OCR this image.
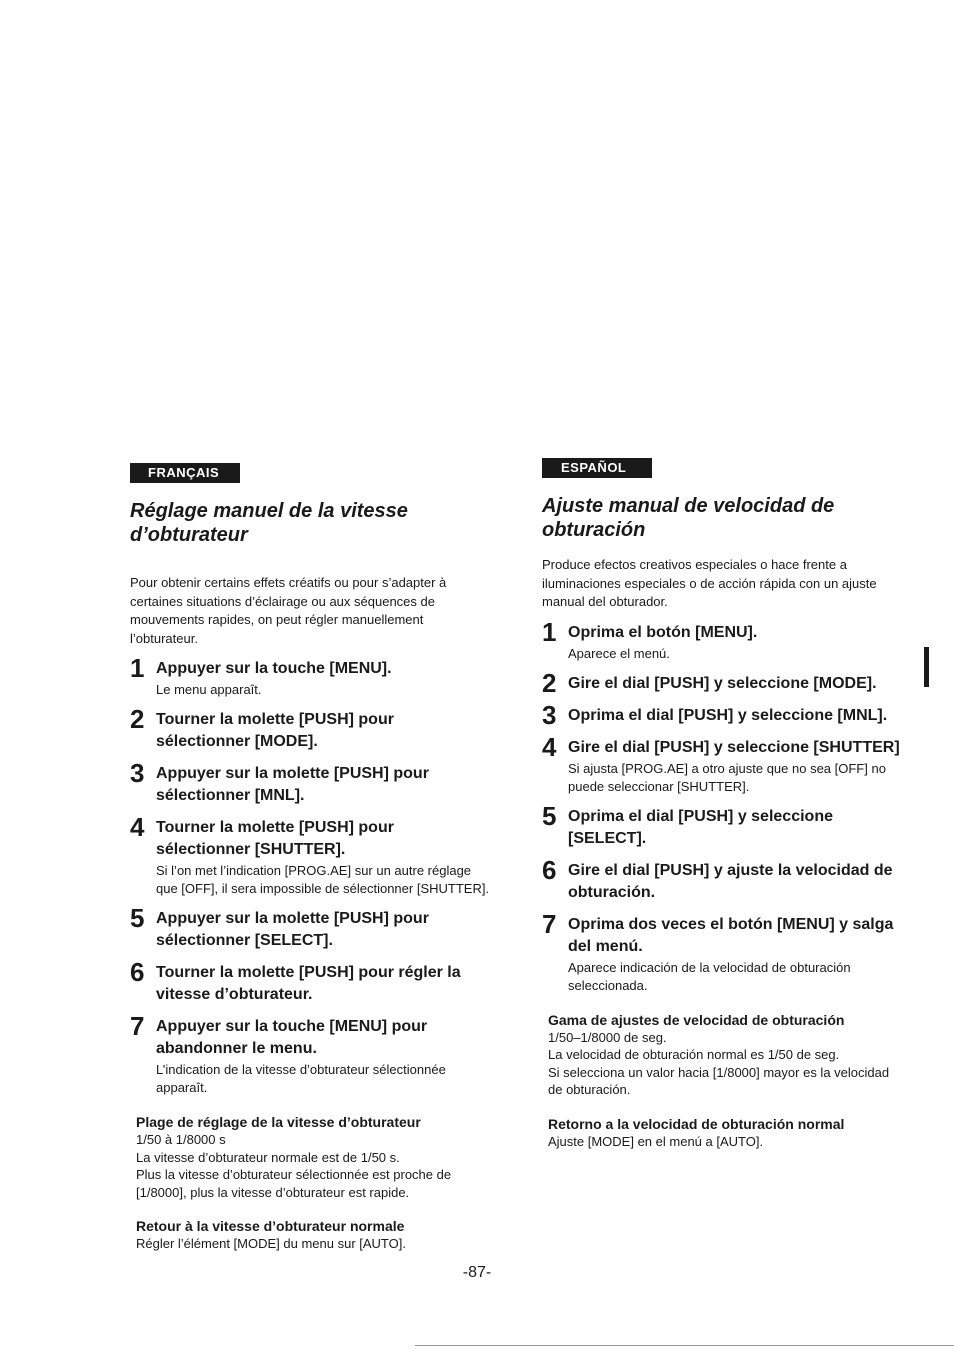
FRANÇAIS
Réglage manuel de la vitesse d’obturateur

Pour obtenir certains effets créatifs ou pour s’adapter à certaines situations d’éclairage ou aux séquences de mouvements rapides, on peut régler manuellement l’obturateur.

1 Appuyer sur la touche [MENU].
Le menu apparaît.
2 Tourner la molette [PUSH] pour sélectionner [MODE].
3 Appuyer sur la molette [PUSH] pour sélectionner [MNL].
4 Tourner la molette [PUSH] pour sélectionner [SHUTTER].
Si l’on met l’indication [PROG.AE] sur un autre réglage que [OFF], il sera impossible de sélectionner [SHUTTER].
5 Appuyer sur la molette [PUSH] pour sélectionner [SELECT].
6 Tourner la molette [PUSH] pour régler la vitesse d’obturateur.
7 Appuyer sur la touche [MENU] pour abandonner le menu.
L’indication de la vitesse d’obturateur sélectionnée apparaît.
Plage de réglage de la vitesse d’obturateur
1/50 à 1/8000 s
La vitesse d’obturateur normale est de 1/50 s.
Plus la vitesse d’obturateur sélectionnée est proche de [1/8000], plus la vitesse d’obturateur est rapide.
Retour à la vitesse d’obturateur normale
Régler l’élément [MODE] du menu sur [AUTO].
ESPAÑOL
Ajuste manual de velocidad de obturación

Produce efectos creativos especiales o hace frente a iluminaciones especiales o de acción rápida con un ajuste manual del obturador.

1 Oprima el botón [MENU].
Aparece el menú.
2 Gire el dial [PUSH] y seleccione [MODE].
3 Oprima el dial [PUSH] y seleccione [MNL].
4 Gire el dial [PUSH] y seleccione [SHUTTER]
Si ajusta [PROG.AE] a otro ajuste que no sea [OFF] no puede seleccionar [SHUTTER].
5 Oprima el dial [PUSH] y seleccione [SELECT].
6 Gire el dial [PUSH] y ajuste la velocidad de obturación.
7 Oprima dos veces el botón [MENU] y salga del menú.
Aparece indicación de la velocidad de obturación seleccionada.
Gama de ajustes de velocidad de obturación
1/50–1/8000 de seg.
La velocidad de obturación normal es 1/50 de seg.
Si selecciona un valor hacia [1/8000] mayor es la velocidad de obturación.
Retorno a la velocidad de obturación normal
Ajuste [MODE] en el menú a [AUTO].
-87-
